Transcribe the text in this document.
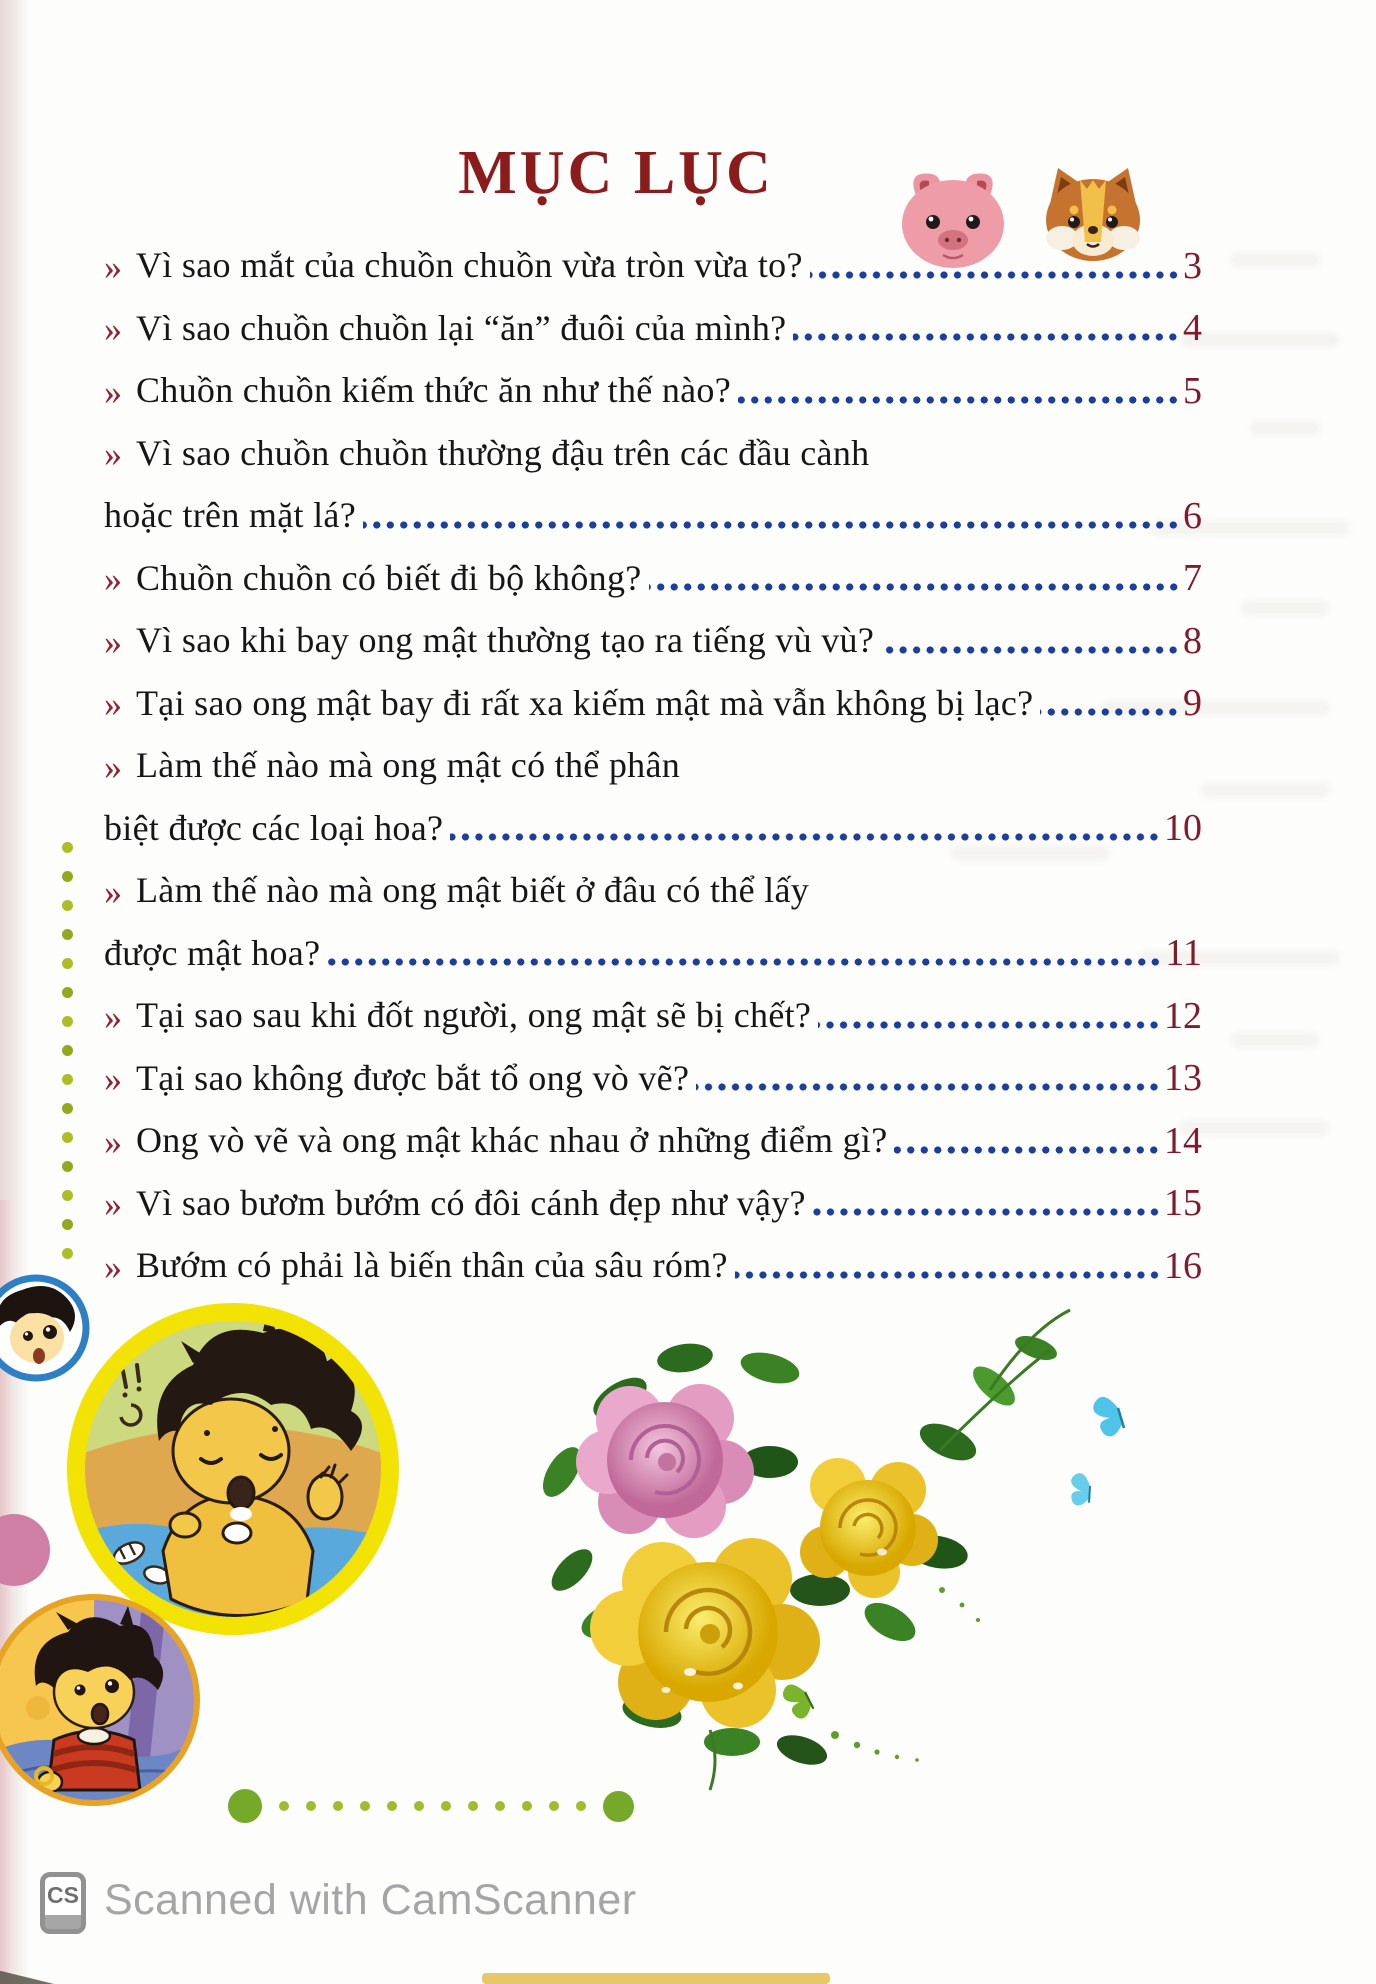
MỤC LỤC
» Vì sao mắt của chuồn chuồn vừa tròn vừa to?	3
» Vì sao chuồn chuồn lại “ăn” đuôi của mình?	4
» Chuồn chuồn kiếm thức ăn như thế nào?	5
» Vì sao chuồn chuồn thường đậu trên các đầu cành
hoặc trên mặt lá?	6
» Chuồn chuồn có biết đi bộ không?	7
» Vì sao khi bay ong mật thường tạo ra tiếng vù vù?	8
» Tại sao ong mật bay đi rất xa kiếm mật mà vẫn không bị lạc?	9
» Làm thế nào mà ong mật có thể phân
biệt được các loại hoa?	10
» Làm thế nào mà ong mật biết ở đâu có thể lấy
được mật hoa?	11
» Tại sao sau khi đốt người, ong mật sẽ bị chết?	12
» Tại sao không được bắt tổ ong vò vẽ?	13
» Ong vò vẽ và ong mật khác nhau ở những điểm gì?	14
» Vì sao bươm bướm có đôi cánh đẹp như vậy?	15
» Bướm có phải là biến thân của sâu róm?	16
CS Scanned with CamScanner
